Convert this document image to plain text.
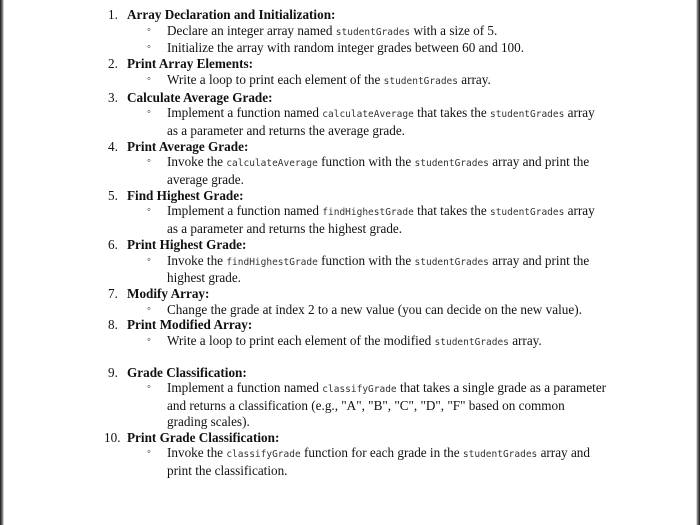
1. Array Declaration and Initialization:
◦ Declare an integer array named studentGrades with a size of 5.
◦ Initialize the array with random integer grades between 60 and 100.
2. Print Array Elements:
◦ Write a loop to print each element of the studentGrades array.
3. Calculate Average Grade:
◦ Implement a function named calculateAverage that takes the studentGrades array as a parameter and returns the average grade.
4. Print Average Grade:
◦ Invoke the calculateAverage function with the studentGrades array and print the average grade.
5. Find Highest Grade:
◦ Implement a function named findHighestGrade that takes the studentGrades array as a parameter and returns the highest grade.
6. Print Highest Grade:
◦ Invoke the findHighestGrade function with the studentGrades array and print the highest grade.
7. Modify Array:
◦ Change the grade at index 2 to a new value (you can decide on the new value).
8. Print Modified Array:
◦ Write a loop to print each element of the modified studentGrades array.
9. Grade Classification:
◦ Implement a function named classifyGrade that takes a single grade as a parameter and returns a classification (e.g., "A", "B", "C", "D", "F" based on common grading scales).
10. Print Grade Classification:
◦ Invoke the classifyGrade function for each grade in the studentGrades array and print the classification.
